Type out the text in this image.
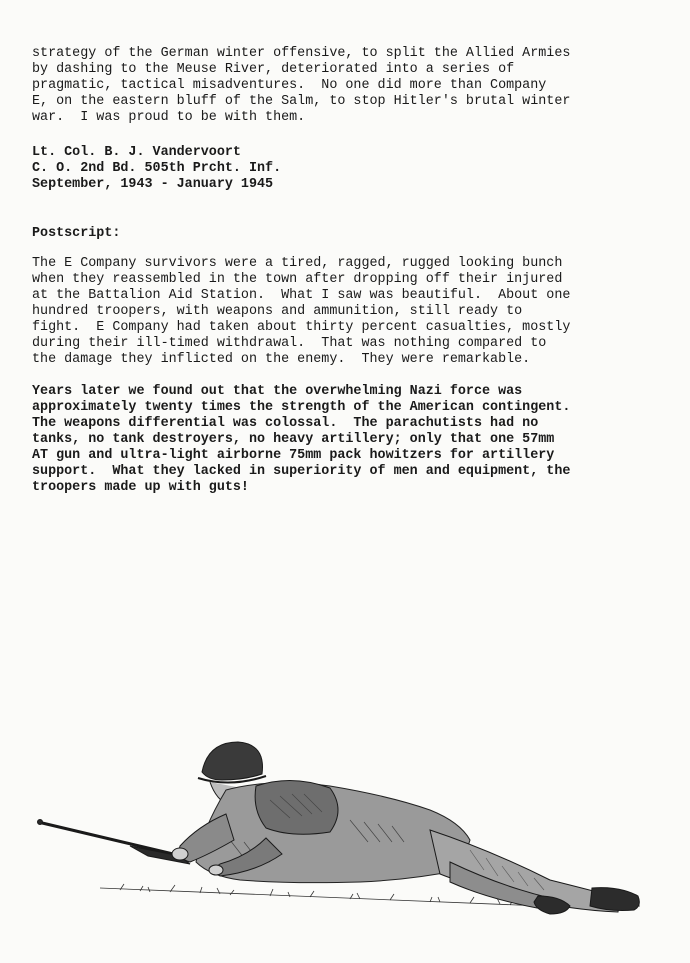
strategy of the German winter offensive, to split the Allied Armies
by dashing to the Meuse River, deteriorated into a series of
pragmatic, tactical misadventures.  No one did more than Company
E, on the eastern bluff of the Salm, to stop Hitler's brutal winter
war.  I was proud to be with them.
Lt. Col. B. J. Vandervoort
C. O. 2nd Bd. 505th Prcht. Inf.
September, 1943 - January 1945
Postscript:
The E Company survivors were a tired, ragged, rugged looking bunch
when they reassembled in the town after dropping off their injured
at the Battalion Aid Station.  What I saw was beautiful.  About one
hundred troopers, with weapons and ammunition, still ready to
fight.  E Company had taken about thirty percent casualties, mostly
during their ill-timed withdrawal.  That was nothing compared to
the damage they inflicted on the enemy.  They were remarkable.
Years later we found out that the overwhelming Nazi force was
approximately twenty times the strength of the American contingent.
The weapons differential was colossal.  The parachutists had no
tanks, no tank destroyers, no heavy artillery; only that one 57mm
AT gun and ultra-light airborne 75mm pack howitzers for artillery
support.  What they lacked in superiority of men and equipment, the
troopers made up with guts!
